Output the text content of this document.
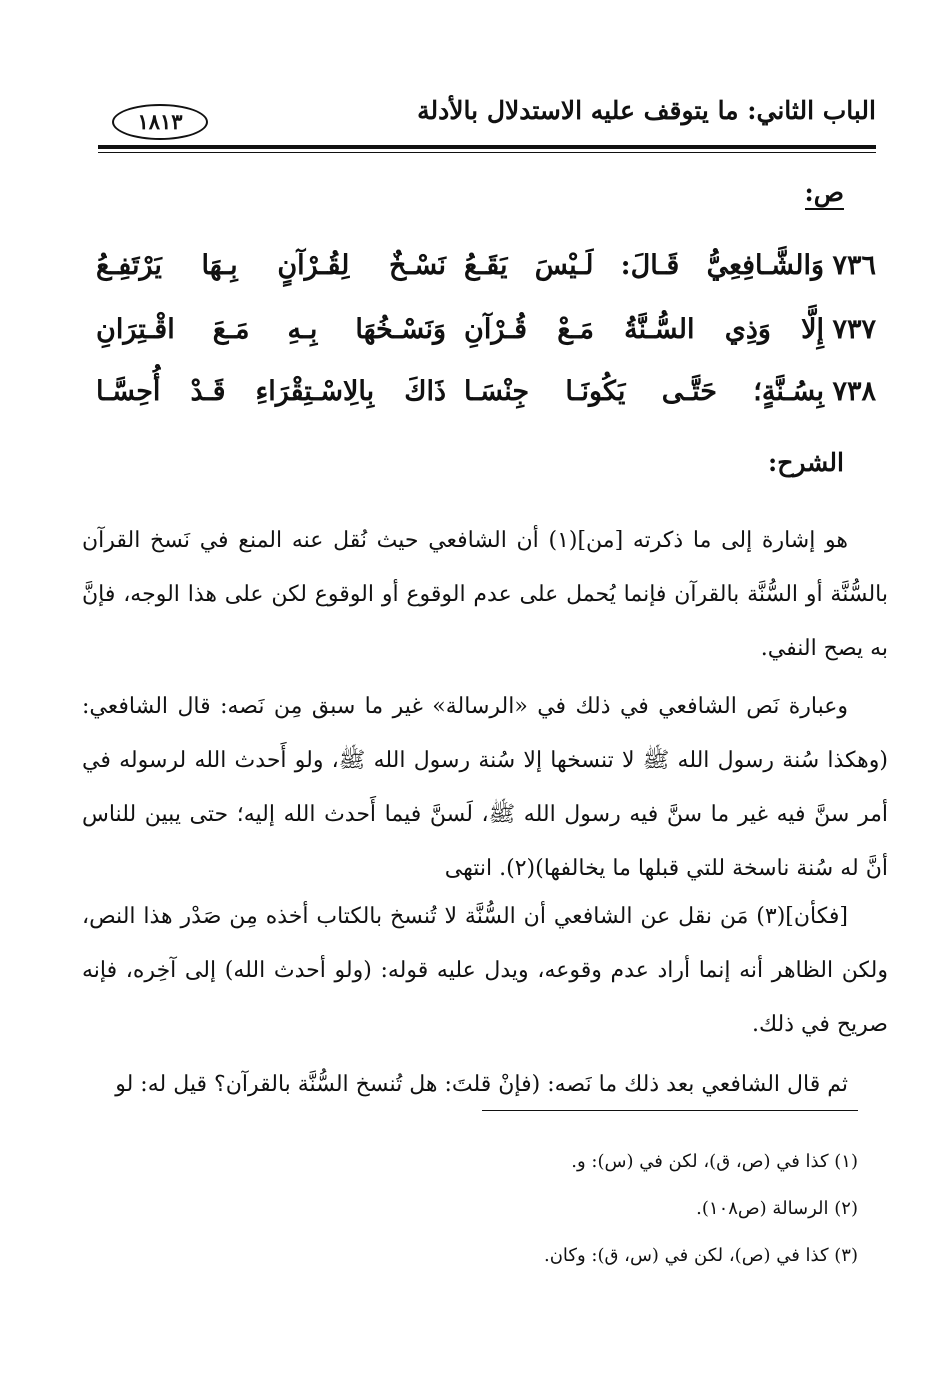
الباب الثاني: ما يتوقف عليه الاستدلال بالأدلة
١٨١٣
ص:
٧٣٦
وَالشَّـافِعِيُّ قَـالَ: لَـيْسَ يَقَـعُ
نَسْـخٌ لِقُـرْآنٍ بِـهَا يَرْتَفِـعُ
٧٣٧
إِلَّا وَذِي السُّـنَّةُ مَـعْ قُـرْآنِ
وَنَسْـخُهَا بِـهِ مَـعَ اقْـتِرَانِ
٧٣٨
بِسُـنَّةٍ؛ حَتَّـى يَكُونَـا جِنْسَـا
ذَاكَ بِالِاسْـتِقْرَاءِ قَـدْ أُحِسَّـا
الشرح:

هو إشارة إلى ما ذكرته [من](١) أن الشافعي حيث نُقل عنه المنع في نَسخ القرآن بالسُّنَّة أو السُّنَّة بالقرآن فإنما يُحمل على عدم الوقوع أو الوقوع لكن على هذا الوجه، فإنَّ به يصح النفي.

وعبارة نَص الشافعي في ذلك في «الرسالة» غير ما سبق مِن نَصه: قال الشافعي: (وهكذا سُنة رسول الله ﷺ لا تنسخها إلا سُنة رسول الله ﷺ، ولو أَحدث الله لرسوله في أمر سنَّ فيه غير ما سنَّ فيه رسول الله ﷺ، لَسنَّ فيما أَحدث الله إليه؛ حتى يبين للناس أنَّ له سُنة ناسخة للتي قبلها ما يخالفها)(٢). انتهى

[فكأن](٣) مَن نقل عن الشافعي أن السُّنَّة لا تُنسخ بالكتاب أخذه مِن صَدْر هذا النص، ولكن الظاهر أنه إنما أراد عدم وقوعه، ويدل عليه قوله: (ولو أحدث الله) إلى آخِره، فإنه صريح في ذلك.

ثم قال الشافعي بعد ذلك ما نَصه: (فإنْ قلتَ: هل تُنسخ السُّنَّة بالقرآن؟ قيل له: لو

(١) كذا في (ص، ق)، لكن في (س): و.
(٢) الرسالة (ص١٠٨).
(٣) كذا في (ص)، لكن في (س، ق): وكان.
